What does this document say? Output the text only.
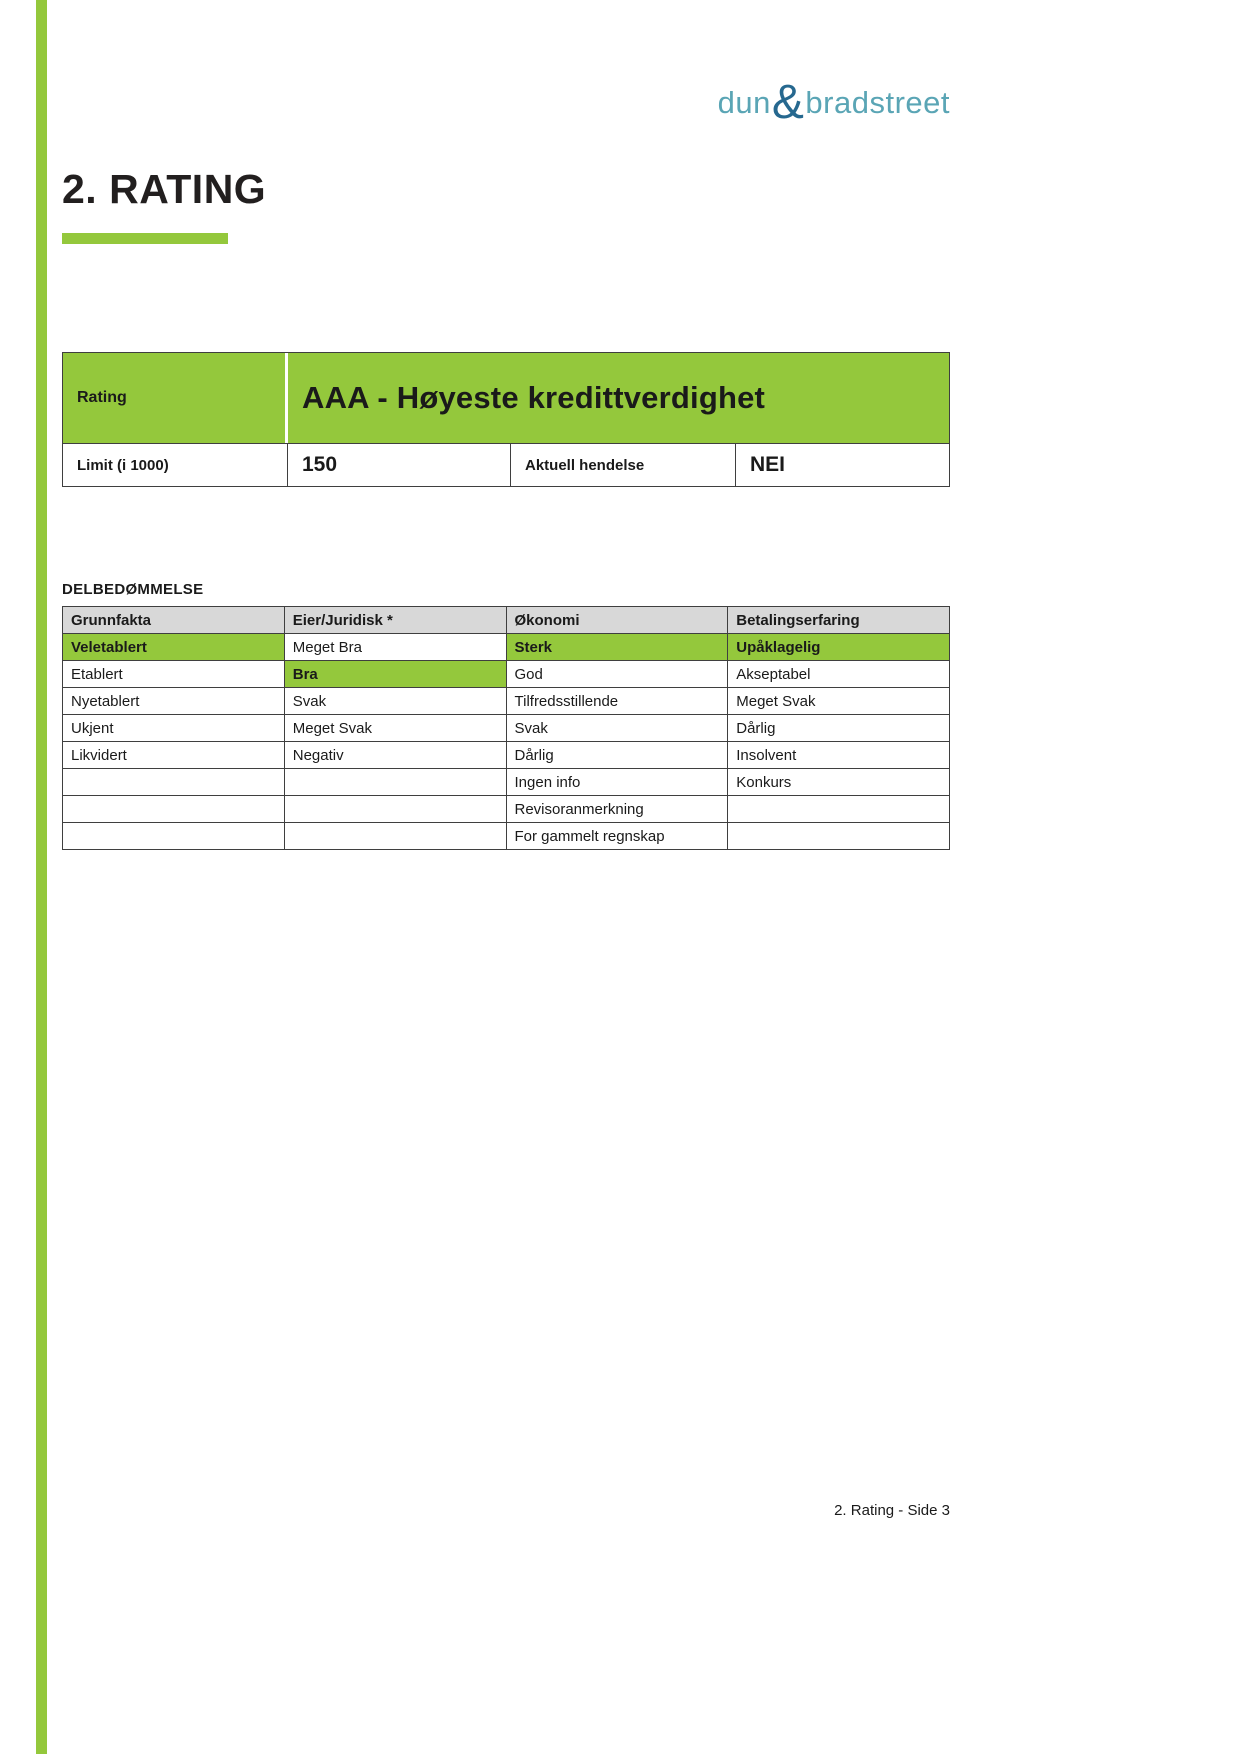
dun&bradstreet
2. RATING
Rating	AAA - Høyeste kredittverdighet
Limit (i 1000)	150	Aktuell hendelse	NEI
DELBEDØMMELSE
Grunnfakta	Eier/Juridisk *	Økonomi	Betalingserfaring
Veletablert	Meget Bra	Sterk	Upåklagelig
Etablert	Bra	God	Akseptabel
Nyetablert	Svak	Tilfredsstillende	Meget Svak
Ukjent	Meget Svak	Svak	Dårlig
Likvidert	Negativ	Dårlig	Insolvent
		Ingen info	Konkurs
		Revisoranmerkning	
		For gammelt regnskap	
2. Rating - Side 3
